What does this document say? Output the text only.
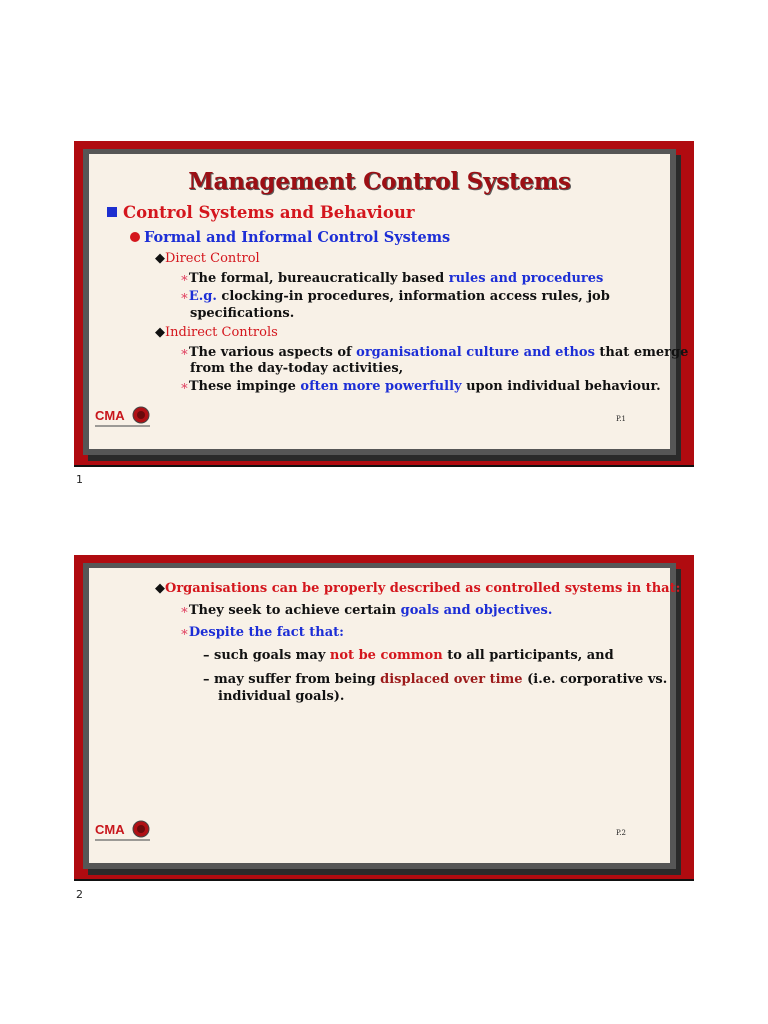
Management Control Systems
Control Systems and Behaviour
Formal and Informal Control Systems
◆Direct Control
∗The formal, bureaucratically based rules and procedures
∗E.g. clocking-in procedures, information access rules, job
specifications.
◆Indirect Controls
∗The various aspects of organisational culture and ethos that emerge
from the day-today activities,
∗These impinge often more powerfully upon individual behaviour.
CMA	P.1
1
◆Organisations can be properly described as controlled systems in that:
∗They seek to achieve certain goals and objectives.
∗Despite the fact that:
– such goals may not be common to all participants, and
– may suffer from being displaced over time (i.e. corporative vs.
individual goals).
CMA	P.2
2
